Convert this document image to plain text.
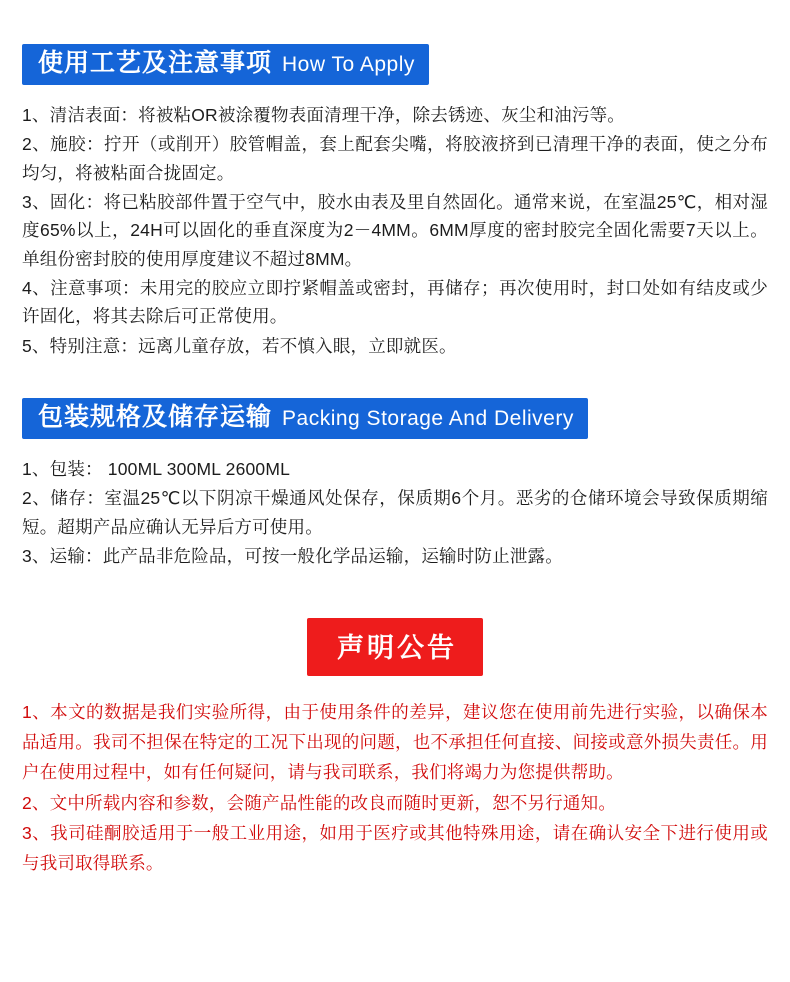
使用工艺及注意事项 How To Apply

1、清洁表面：将被粘OR被涂覆物表面清理干净，除去锈迹、灰尘和油污等。

2、施胶：拧开（或削开）胶管帽盖，套上配套尖嘴，将胶液挤到已清理干净的表面，使之分布均匀，将被粘面合拢固定。

3、固化：将已粘胶部件置于空气中，胶水由表及里自然固化。通常来说，在室温25℃，相对湿度65%以上，24H可以固化的垂直深度为2－4MM。6MM厚度的密封胶完全固化需要7天以上。 单组份密封胶的使用厚度建议不超过8MM。

4、注意事项：未用完的胶应立即拧紧帽盖或密封，再储存；再次使用时，封口处如有结皮或少许固化，将其去除后可正常使用。

5、特别注意：远离儿童存放，若不慎入眼，立即就医。

包装规格及储存运输 Packing Storage And Delivery

1、包装： 100ML 300ML 2600ML

2、储存：室温25℃以下阴凉干燥通风处保存，保质期6个月。恶劣的仓储环境会导致保质期缩短。超期产品应确认无异后方可使用。

3、运输：此产品非危险品，可按一般化学品运输，运输时防止泄露。

声明公告

1、本文的数据是我们实验所得，由于使用条件的差异，建议您在使用前先进行实验，以确保本品适用。我司不担保在特定的工况下出现的问题，也不承担任何直接、间接或意外损失责任。用户在使用过程中，如有任何疑问，请与我司联系，我们将竭力为您提供帮助。

2、文中所载内容和参数，会随产品性能的改良而随时更新，恕不另行通知。

3、我司硅酮胶适用于一般工业用途，如用于医疗或其他特殊用途，请在确认安全下进行使用或与我司取得联系。
